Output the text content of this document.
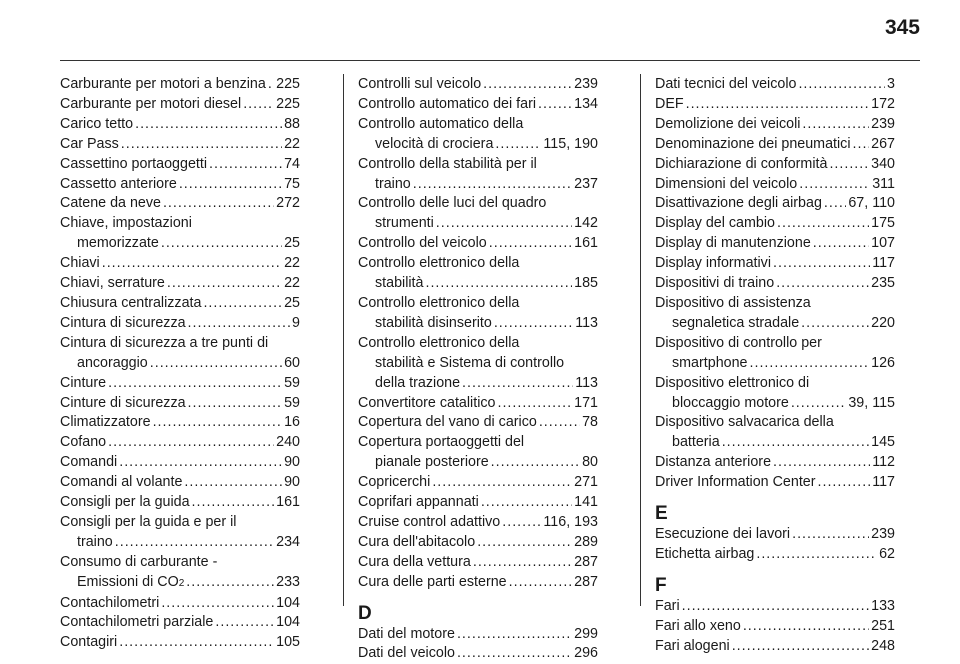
345
Carburante per motori a benzina ..... 225
Carburante per motori diesel ..... 225
Carico tetto .....	88
Car Pass .....	22
Cassettino portaoggetti .....	74
Cassetto anteriore .....	75
Catene da neve .....	272
Chiave, impostazioni
memorizzate .....	25
Chiavi .....	22
Chiavi, serrature .....	22
Chiusura centralizzata .....	25
Cintura di sicurezza .....	9
Cintura di sicurezza a tre punti di
ancoraggio .....	60
Cinture .....	59
Cinture di sicurezza .....	59
Climatizzatore .....	16
Cofano .....	240
Comandi .....	90
Comandi al volante .....	90
Consigli per la guida .....	161
Consigli per la guida e per il
traino .....	234
Consumo di carburante -
Emissioni di CO 2 .....	233
Contachilometri .....	104
Contachilometri parziale .....	104
Contagiri .....	105
Controlli sul veicolo .....	239
Controllo automatico dei fari .....	134
Controllo automatico della
velocità di crociera .....	115, 190
Controllo della stabilità per il
traino .....	237
Controllo delle luci del quadro
strumenti .....	142
Controllo del veicolo .....	161
Controllo elettronico della
stabilità .....	185
Controllo elettronico della
stabilità disinserito .....	113
Controllo elettronico della
stabilità e Sistema di controllo
della trazione .....	113
Convertitore catalitico .....	171
Copertura del vano di carico .....	78
Copertura portaoggetti del
pianale posteriore .....	80
Copricerchi .....	271
Coprifari appannati .....	141
Cruise control adattivo .....	116, 193
Cura dell'abitacolo .....	289
Cura della vettura .....	287
Cura delle parti esterne .....	287
D
Dati del motore .....	299
Dati del veicolo .....	296
Dati tecnici del veicolo .....	3
DEF .....	172
Demolizione dei veicoli .....	239
Denominazione dei pneumatici ..... 267
Dichiarazione di conformità .....	340
Dimensioni del veicolo .....	311
Disattivazione degli airbag ..... 67, 110
Display del cambio .....	175
Display di manutenzione .....	107
Display informativi .....	117
Dispositivi di traino .....	235
Dispositivo di assistenza
segnaletica stradale .....	220
Dispositivo di controllo per
smartphone .....	126
Dispositivo elettronico di
bloccaggio motore .....	39, 115
Dispositivo salvacarica della
batteria .....	145
Distanza anteriore .....	112
Driver Information Center .....	117
E
Esecuzione dei lavori .....	239
Etichetta airbag .....	62
F
Fari .....	133
Fari allo xeno .....	251
Fari alogeni .....	248
